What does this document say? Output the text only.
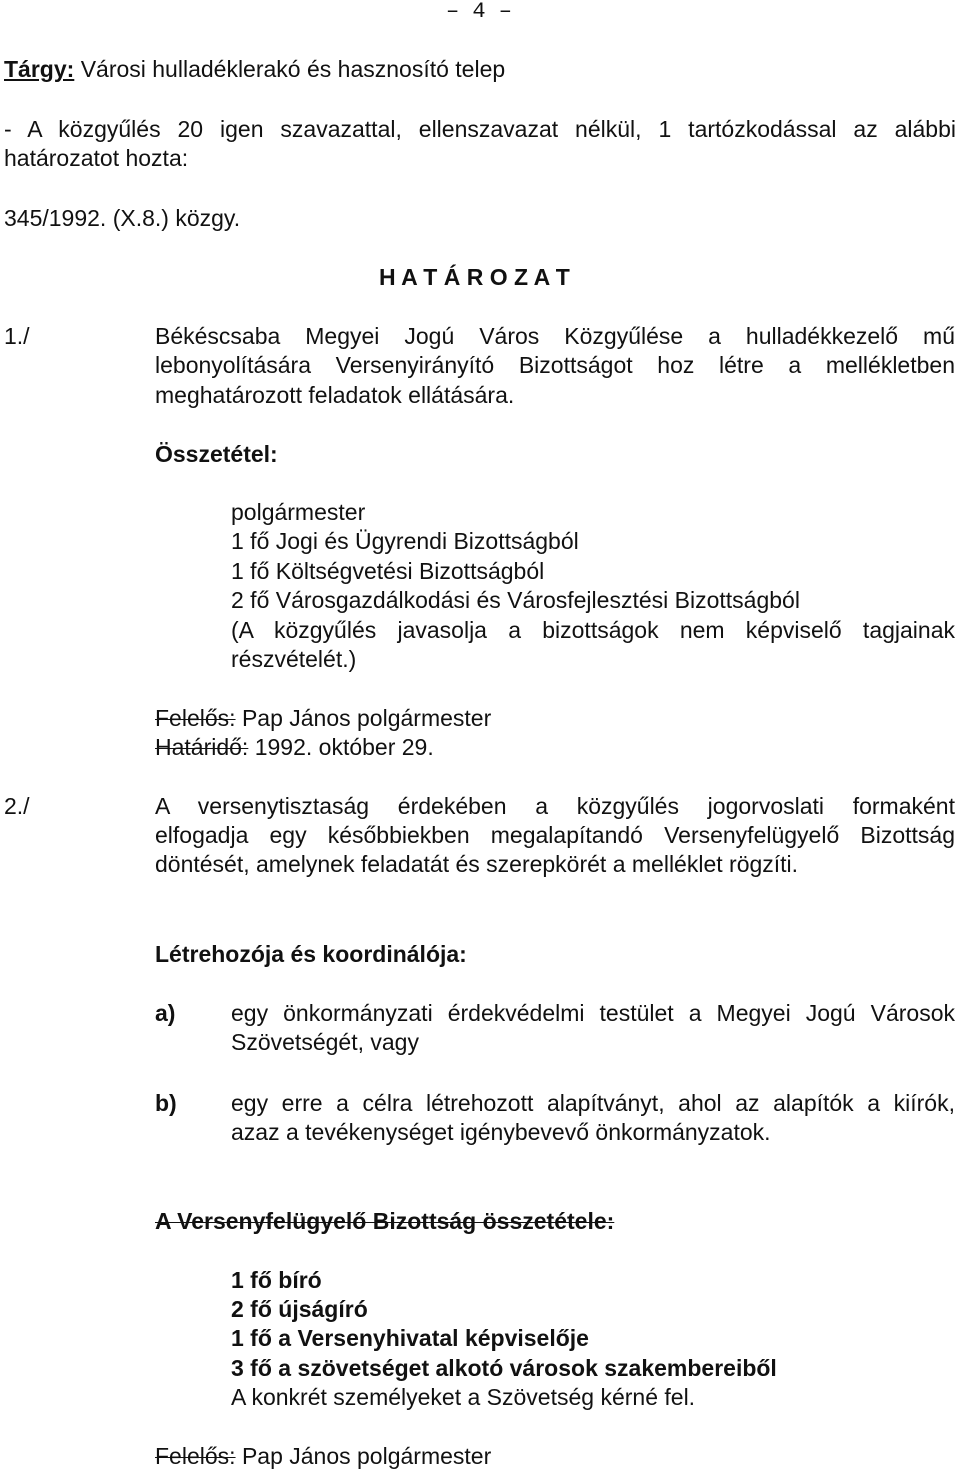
– 4 –
Tárgy: Városi hulladéklerakó és hasznosító telep
- A közgyűlés 20 igen szavazattal, ellenszavazat nélkül, 1 tartózkodással az alábbi
határozatot hozta:
345/1992. (X.8.) közgy.
H A T Á R O Z A T
1./	Békéscsaba Megyei Jogú Város Közgyűlése a hulladékkezelő mű
lebonyolítására Versenyirányító Bizottságot hoz létre a mellékletben
meghatározott feladatok ellátására.
Összetétel:
polgármester
1 fő Jogi és Ügyrendi Bizottságból
1 fő Költségvetési Bizottságból
2 fő Városgazdálkodási és Városfejlesztési Bizottságból
(A közgyűlés javasolja a bizottságok nem képviselő tagjainak
részvételét.)
Felelős: Pap János polgármester
Határidő: 1992. október 29.
2./	A versenytisztaság érdekében a közgyűlés jogorvoslati formaként
elfogadja egy későbbiekben megalapítandó Versenyfelügyelő Bizottság
döntését, amelynek feladatát és szerepkörét a melléklet rögzíti.
Létrehozója és koordinálója:
a) egy önkormányzati érdekvédelmi testület a Megyei Jogú Városok
Szövetségét, vagy
b) egy erre a célra létrehozott alapítványt, ahol az alapítók a kiírók,
azaz a tevékenységet igénybevevő önkormányzatok.
A Versenyfelügyelő Bizottság összetétele:
1 fő bíró
2 fő újságíró
1 fő a Versenyhivatal képviselője
3 fő a szövetséget alkotó városok szakembereiből
A konkrét személyeket a Szövetség kérné fel.
Felelős: Pap János polgármester
